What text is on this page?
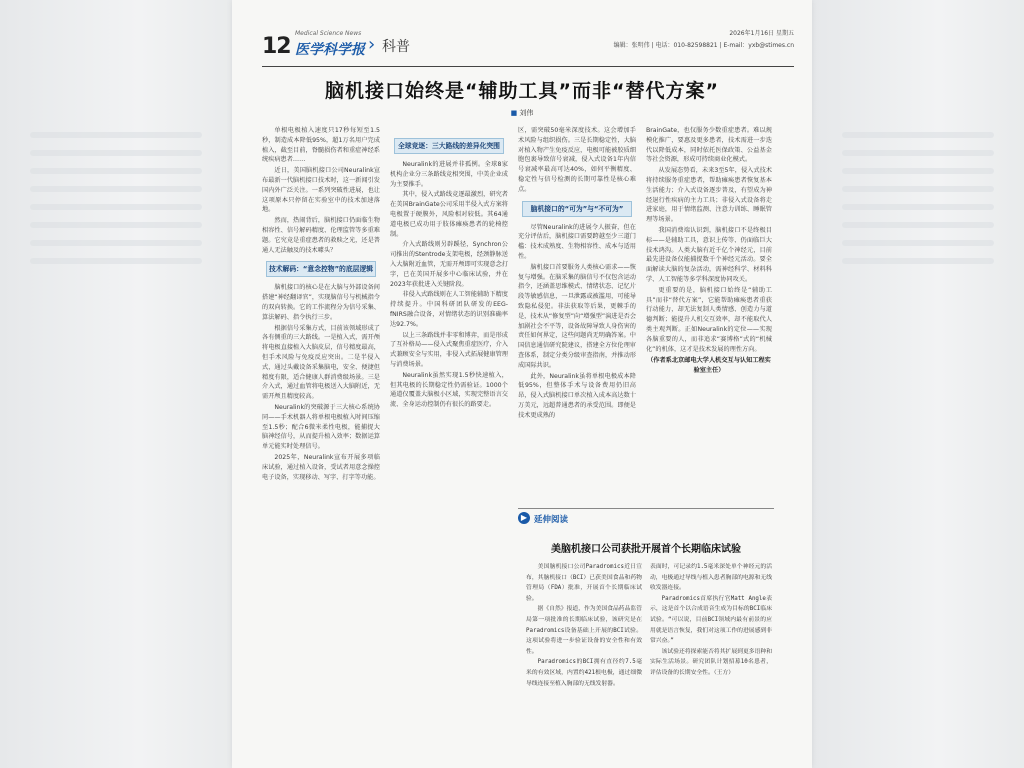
12
Medical Science News
医学科学报 › 科普
2026年1月16日 星期五
编辑：张明伟 | 电话：010-82598821 | E-mail：yxb@stimes.cn
脑机接口始终是“辅助工具”而非“替代方案”
■ 刘伟

单根电极植入速度只17秒每短至1.5秒，制造成本降低95%，超1万名用户完成植入，截至目前，脊髓损伤者和重症神经系统疾病患者……

近日，美国脑机接口公司Neuralink宣布最新一代脑机接口技术时，这一新闻引发国内外广泛关注。一系列突破性进展，也让这项原本只停留在实验室中的技术加速落地。

然而，热闹背后，脑机接口仍面临生物相容性、信号解码精度、伦理监管等多重难题。它究竟是重症患者的救赎之光，还是普通人无法触及的技术噱头？

技术解码：“意念控物”的底层逻辑

脑机接口的核心是在大脑与外部设备间搭建“神经翻译官”，实现脑信号与机械指令的双向转换。它的工作流程分为信号采集、算法解码、指令执行三步。

根据信号采集方式，目前该领域形成了各有侧重的三大路线。一是植入式，需开颅将电极直接植入大脑皮层，信号精度最高，但手术风险与免疫反应突出。二是半侵入式，通过头戴设备采集脑电，安全、便捷但精度有限，适合健康人群消费级场景。三是介入式，通过血管将电极送入大脑附近，无需开颅且精度较高。

Neuralink的突破源于三大核心系统协同——手术机器人将单根电极植入时间压缩至1.5秒；配合6微米柔性电极，能捕捉大脑神经信号，从而提升植入效率；数据运算单元能实时处理信号。

2025年，Neuralink宣布开展多项临床试验，通过植入设备，受试者用意念操控电子设备，实现移动、写字、打字等功能。

全球竞逐：三大路线的差异化突围

Neuralink的进展并非孤例。全球8家机构企业分三条路线竞相突围，中美企业成为主要推手。

其中，侵入式路线竞逐最激烈，研究者在美国BrainGate公司采用半侵入式方案将电极置于硬膜外，风险相对较低。其64通道电极已成功用于肢体瘫痪患者的轮椅控制。

介入式路线则另辟蹊径，Synchron公司推出的Stentrode支架电极，经颈静脉送入大脑附近血管，无需开颅即可实现意念打字，已在美国开展多中心临床试验，并在2023年获批进入关键阶段。

非侵入式路线则在人工智能辅助下精度持续提升。中国科研团队研发的EEG-fNIRS融合设备，对情绪状态的识别准确率达92.7%。

以上三条路线并非零和博弈，而是形成了互补格局——侵入式聚焦重症医疗，介入式兼顾安全与实用，非侵入式拓展健康管理与消费场景。

Neuralink虽然实现1.5秒快速植入，但其电极的长期稳定性仍需验证。1000个通道仅覆盖大脑极小区域，实现完整语言交流、全身运动控制仍有很长的路要走。

区，需突破50毫米深度技术。这会增加手术风险与组织损伤。三是长期稳定性，大脑对植入物产生免疫反应，电极可能被胶质细胞包裹导致信号衰减，侵入式设备1年内信号衰减率最高可达40%，如何平衡精度、稳定性与信号检测的长期可靠性是核心难点。

脑机接口的“可为”与“不可为”

尽管Neuralink的进展令人振奋，但在充分评估后，脑机接口需要跨越至少三道门槛：技术成熟度、生物相容性、成本与适用性。

脑机接口首要服务人类核心需求——恢复与增强。在脑采集的脑信号不仅包含运动指令，还涵盖思维模式、情绪状态、记忆片段等敏感信息，一旦泄露或被滥用，可能导致隐私侵犯。非法获取等后果，更棘手的是，技术从“修复型”向“增强型”演进是否会加剧社会不平等，设备故障导致人身伤害的责任如何界定，这些问题尚无明确答案。中国信息通信研究院建议，搭建全方位伦理审查体系，制定分类分级审查指南，并推动形成国际共识。

此外，Neuralink虽将单根电极成本降低95%，但整体手术与设备费用仍旧高昂，侵入式脑机接口单次植入成本高达数十万美元，远超普通患者的承受范围。即便是技术更成熟的

BrainGate，也仅服务少数重症患者。难以规模化推广，要惠及更多患者，技术需进一步迭代以降低成本，同时依托医保政策、公益基金等社会资源，形成可持续商业化模式。

从发展态势看，未来3至5年，侵入式技术将持续服务重症患者，帮助瘫痪患者恢复基本生活能力；介入式设备逐步普及，有望成为神经退行性疾病的主力工具；非侵入式设备将走进家庭，用于情绪监测、注意力训练、睡眠管理等场景。

我国消费端认识到，脑机接口不是终极目标——是辅助工具，意识上传等、仍面临巨大技术鸿沟。人类大脑有近千亿个神经元，目前最先进设备仅能捕捉数千个神经元活动。要全面解读大脑的复杂活动，需神经科学、材料科学、人工智能等多学科深度协同攻关。

更重要的是，脑机接口始终是“辅助工具”而非“替代方案”，它能帮助瘫痪患者重获行动能力，却无法复制人类情感、创造力与道德判断；能提升人机交互效率，却不能取代人类主观判断。正如Neuralink的定位——实现各脑重要的人，而非追求“赛博格”式的“机械化”的机体，这才是技术发展的理性方向。

（作者系北京邮电大学人机交互与认知工程实验室主任）
▶ 延伸阅读
美脑机接口公司获批开展首个长期临床试验

美国脑机接口公司Paradromics近日宣布，其脑机接口（BCI）已获美国食品和药物管理局（FDA）批准，开展首个长期临床试验。

据《自然》报道，作为美国食品药品监管局第一项批准的长期临床试验，该研究是在Paradromics设备基础上开展的BCI试验。这项试验将进一步验证设备的安全性和有效性。

Paradromics的BCI拥有直径约7.5毫米的有效区域，内置约421根电极，通过细微导线连接至植入胸部的无线发射器。

表面时，可记录约1.5毫米深处单个神经元的活动，电极通过导线与植入患者胸部的电源和无线收发器连接。

Paradromics首席执行官Matt Angle表示，这是首个以合成语音生成为目标的BCI临床试验。“可以说，目前BCI领域内最有前景的应用就是语言恢复，我们对这项工作的进展感到非常兴奋。”

该试验还将探索能否将其扩展到更多语种和实际生活场景。研究团队计划招募10名患者，评估设备的长期安全性。（王方）
